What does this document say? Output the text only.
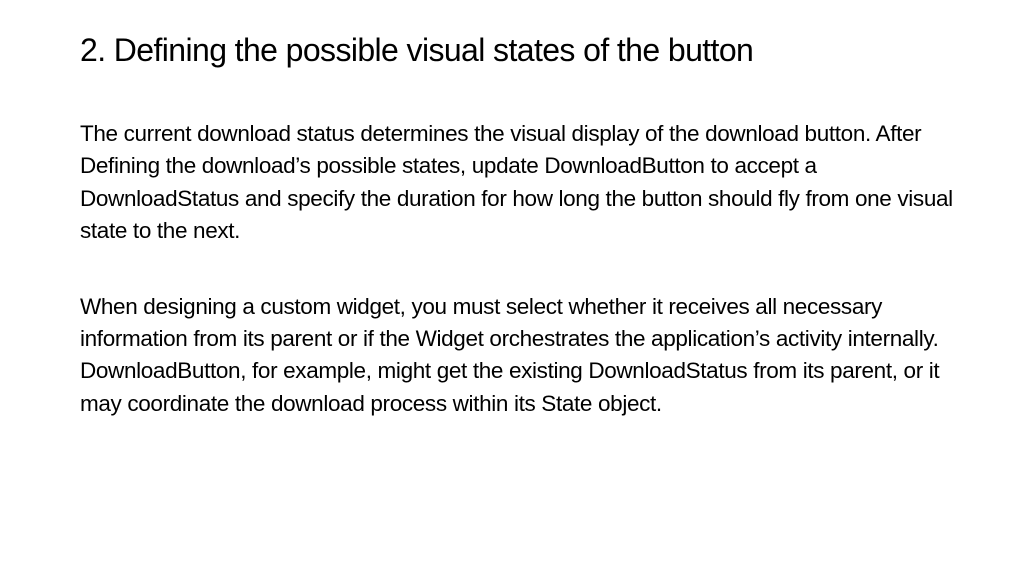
2. Defining the possible visual states of the button

The current download status determines the visual display of the download button. After Defining the download’s possible states, update DownloadButton to accept a DownloadStatus and specify the duration for how long the button should fly from one visual state to the next.

When designing a custom widget, you must select whether it receives all necessary information from its parent or if the Widget orchestrates the application’s activity internally. DownloadButton, for example, might get the existing DownloadStatus from its parent, or it may coordinate the download process within its State object.
